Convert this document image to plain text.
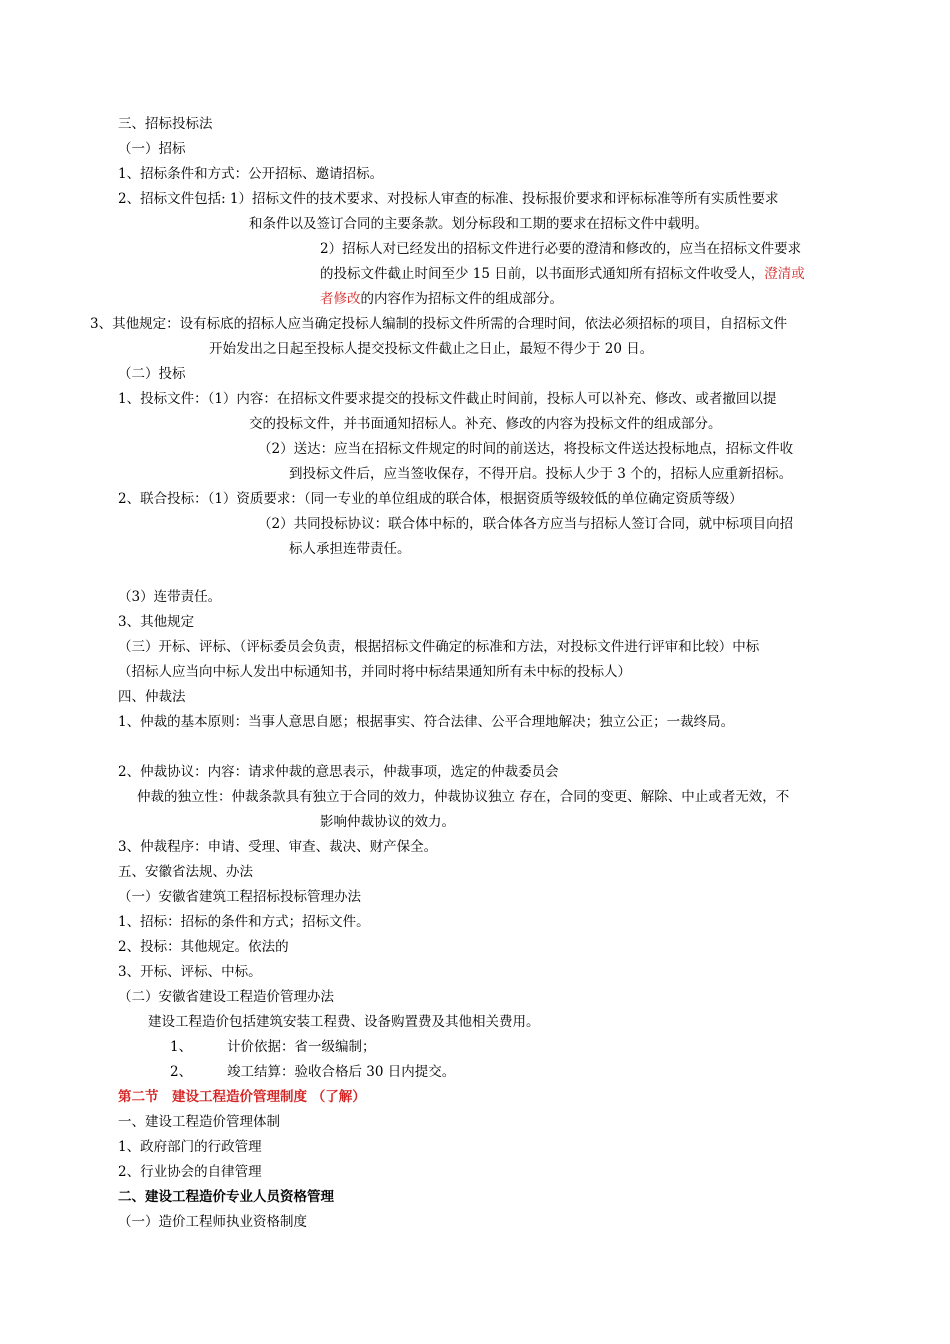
三、招标投标法
（一）招标
1、招标条件和方式：公开招标、邀请招标。
2、招标文件包括: 1）招标文件的技术要求、对投标人审查的标准、投标报价要求和评标标准等所有实质性要求
和条件以及签订合同的主要条款。划分标段和工期的要求在招标文件中载明。
2）招标人对已经发出的招标文件进行必要的澄清和修改的，应当在招标文件要求
的投标文件截止时间至少 15 日前，以书面形式通知所有招标文件收受人，澄清或
者修改的内容作为招标文件的组成部分。
3、其他规定：设有标底的招标人应当确定投标人编制的投标文件所需的合理时间，依法必须招标的项目，自招标文件
开始发出之日起至投标人提交投标文件截止之日止，最短不得少于 20 日。
（二）投标
1、投标文件：（1）内容：在招标文件要求提交的投标文件截止时间前，投标人可以补充、修改、或者撤回以提
交的投标文件，并书面通知招标人。补充、修改的内容为投标文件的组成部分。
（2）送达：应当在招标文件规定的时间的前送达，将投标文件送达投标地点，招标文件收
到投标文件后，应当签收保存，不得开启。投标人少于 3 个的，招标人应重新招标。
2、联合投标：（1）资质要求：（同一专业的单位组成的联合体，根据资质等级较低的单位确定资质等级）
（2）共同投标协议：联合体中标的，联合体各方应当与招标人签订合同，就中标项目向招
标人承担连带责任。
（3）连带责任。
3、其他规定
（三）开标、评标、（评标委员会负责，根据招标文件确定的标准和方法，对投标文件进行评审和比较）中标
（招标人应当向中标人发出中标通知书，并同时将中标结果通知所有未中标的投标人）
四、仲裁法
1、仲裁的基本原则：当事人意思自愿；根据事实、符合法律、公平合理地解决；独立公正；一裁终局。
2、仲裁协议：内容：请求仲裁的意思表示，仲裁事项，选定的仲裁委员会
仲裁的独立性：仲裁条款具有独立于合同的效力，仲裁协议独立 存在，合同的变更、解除、中止或者无效，不
影响仲裁协议的效力。
3、仲裁程序：申请、受理、审查、裁决、财产保全。
五、安徽省法规、办法
（一）安徽省建筑工程招标投标管理办法
1、招标：招标的条件和方式；招标文件。
2、投标：其他规定。依法的
3、开标、评标、中标。
（二）安徽省建设工程造价管理办法
建设工程造价包括建筑安装工程费、设备购置费及其他相关费用。
1、	计价依据：省一级编制；
2、	竣工结算：验收合格后 30 日内提交。
第二节　建设工程造价管理制度 （了解）
一、建设工程造价管理体制
1、政府部门的行政管理
2、行业协会的自律管理
二、建设工程造价专业人员资格管理
（一）造价工程师执业资格制度
